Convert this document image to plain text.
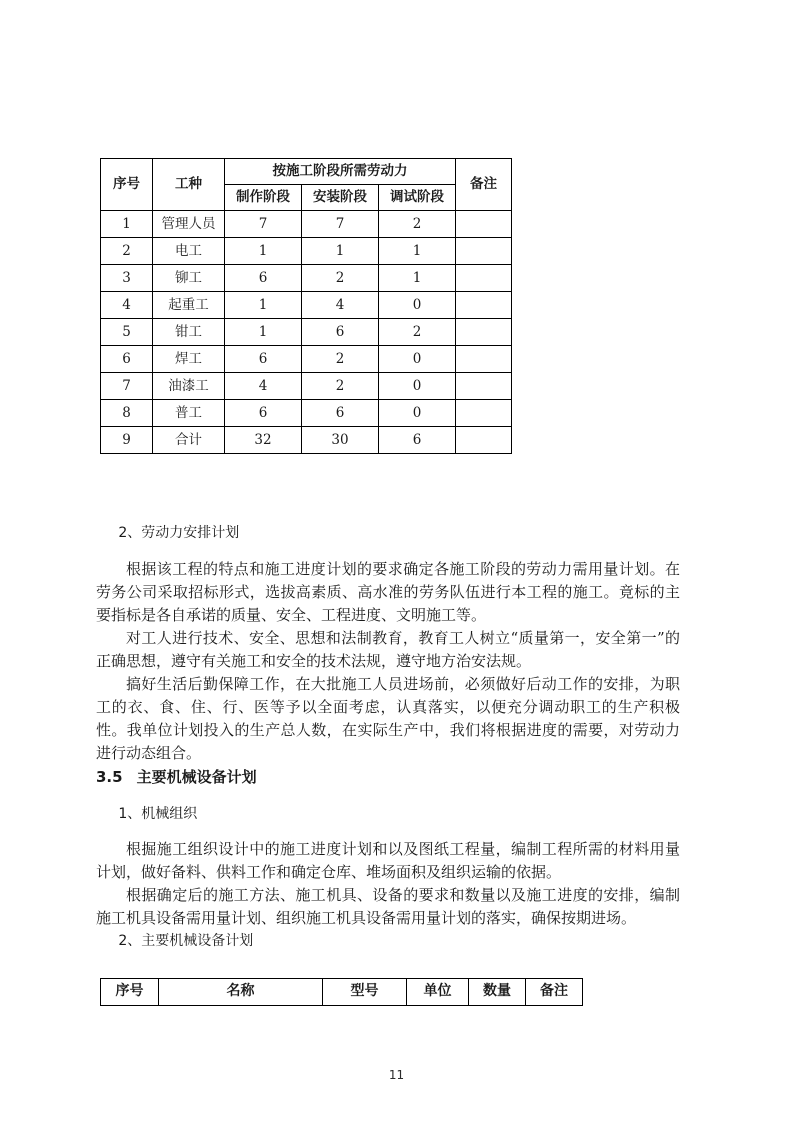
序号	工种	按施工阶段所需劳动力			备注
		制作阶段	安装阶段	调试阶段	
1	管理人员	7	7	2	
2	电工	1	1	1	
3	铆工	6	2	1	
4	起重工	1	4	0	
5	钳工	1	6	2	
6	焊工	6	2	0	
7	油漆工	4	2	0	
8	普工	6	6	0	
9	合计	32	30	6	

2、劳动力安排计划

根据该工程的特点和施工进度计划的要求确定各施工阶段的劳动力需用量计划。在劳务公司采取招标形式，选拔高素质、高水准的劳务队伍进行本工程的施工。竟标的主要指标是各自承诺的质量、安全、工程进度、文明施工等。

对工人进行技术、安全、思想和法制教育，教育工人树立“质量第一，安全第一”的正确思想，遵守有关施工和安全的技术法规，遵守地方治安法规。

搞好生活后勤保障工作，在大批施工人员进场前，必须做好后动工作的安排，为职工的衣、食、住、行、医等予以全面考虑，认真落实，以便充分调动职工的生产积极性。我单位计划投入的生产总人数，在实际生产中，我们将根据进度的需要，对劳动力进行动态组合。

3.5 主要机械设备计划

1、机械组织

根掘施工组织设计中的施工进度计划和以及图纸工程量，编制工程所需的材料用量计划，做好备料、供料工作和确定仓库、堆场面积及组织运输的依据。

根据确定后的施工方法、施工机具、设备的要求和数量以及施工进度的安排，编制施工机具设备需用量计划、组织施工机具设备需用量计划的落实，确保按期进场。

2、主要机械设备计划

序号	名称	型号	单位	数量	备注
11
